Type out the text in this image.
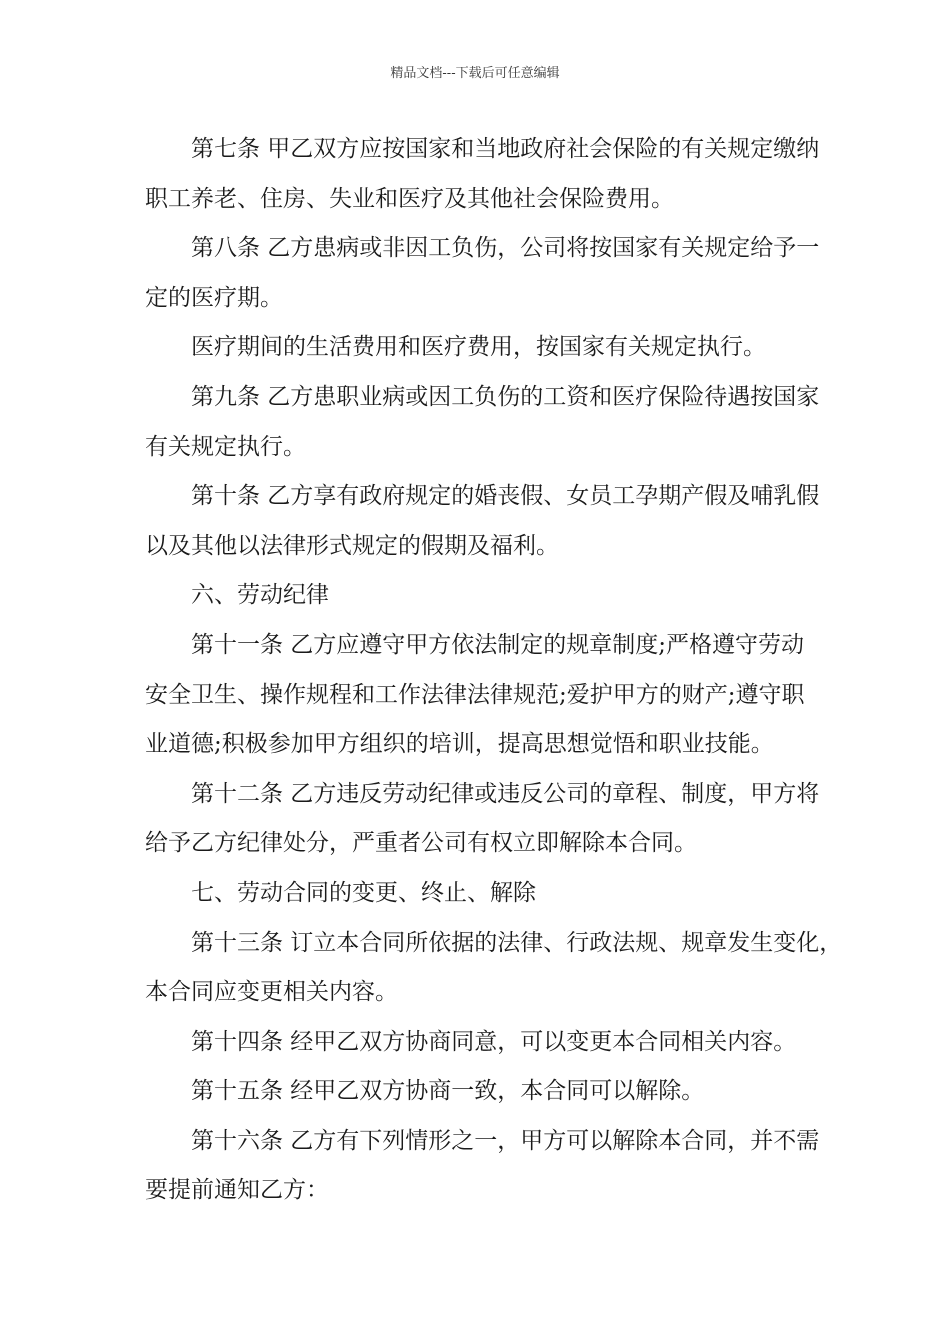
精品文档---下载后可任意编辑
第七条 甲乙双方应按国家和当地政府社会保险的有关规定缴纳
职工养老、住房、失业和医疗及其他社会保险费用。
第八条 乙方患病或非因工负伤，公司将按国家有关规定给予一
定的医疗期。
医疗期间的生活费用和医疗费用，按国家有关规定执行。
第九条 乙方患职业病或因工负伤的工资和医疗保险待遇按国家
有关规定执行。
第十条 乙方享有政府规定的婚丧假、女员工孕期产假及哺乳假
以及其他以法律形式规定的假期及福利。
六、劳动纪律
第十一条 乙方应遵守甲方依法制定的规章制度;严格遵守劳动
安全卫生、操作规程和工作法律法律规范;爱护甲方的财产;遵守职
业道德;积极参加甲方组织的培训，提高思想觉悟和职业技能。
第十二条 乙方违反劳动纪律或违反公司的章程、制度，甲方将
给予乙方纪律处分，严重者公司有权立即解除本合同。
七、劳动合同的变更、终止、解除
第十三条 订立本合同所依据的法律、行政法规、规章发生变化，
本合同应变更相关内容。
第十四条 经甲乙双方协商同意，可以变更本合同相关内容。
第十五条 经甲乙双方协商一致，本合同可以解除。
第十六条 乙方有下列情形之一，甲方可以解除本合同，并不需
要提前通知乙方：
